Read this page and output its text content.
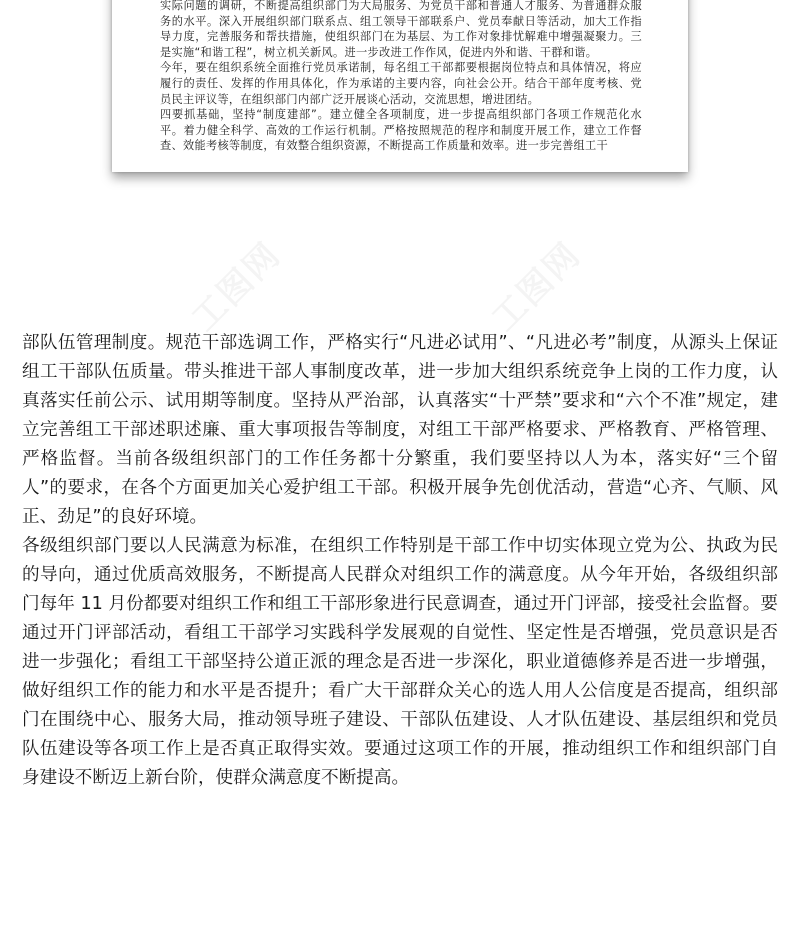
实际问题的调研，不断提高组织部门为大局服务、为党员干部和普通人才服务、为普通群众服务的水平。深入开展组织部门联系点、组工领导干部联系户、党员奉献日等活动，加大工作指导力度，完善服务和帮扶措施，使组织部门在为基层、为工作对象排忧解难中增强凝聚力。三是实施“和谐工程”，树立机关新风。进一步改进工作作风，促进内外和谐、干群和谐。

今年，要在组织系统全面推行党员承诺制，每名组工干部都要根据岗位特点和具体情况，将应履行的责任、发挥的作用具体化，作为承诺的主要内容，向社会公开。结合干部年度考核、党员民主评议等，在组织部门内部广泛开展谈心活动，交流思想，增进团结。

四要抓基础，坚持“制度建部”。建立健全各项制度，进一步提高组织部门各项工作规范化水平。着力健全科学、高效的工作运行机制。严格按照规范的程序和制度开展工作，建立工作督查、效能考核等制度，有效整合组织资源，不断提高工作质量和效率。进一步完善组工干

部队伍管理制度。规范干部选调工作，严格实行“凡进必试用”、“凡进必考”制度，从源头上保证组工干部队伍质量。带头推进干部人事制度改革，进一步加大组织系统竞争上岗的工作力度，认真落实任前公示、试用期等制度。坚持从严治部，认真落实“十严禁”要求和“六个不准”规定，建立完善组工干部述职述廉、重大事项报告等制度，对组工干部严格要求、严格教育、严格管理、严格监督。当前各级组织部门的工作任务都十分繁重，我们要坚持以人为本，落实好“三个留人”的要求，在各个方面更加关心爱护组工干部。积极开展争先创优活动，营造“心齐、气顺、风正、劲足”的良好环境。

各级组织部门要以人民满意为标准，在组织工作特别是干部工作中切实体现立党为公、执政为民的导向，通过优质高效服务，不断提高人民群众对组织工作的满意度。从今年开始，各级组织部门每年 11 月份都要对组织工作和组工干部形象进行民意调查，通过开门评部，接受社会监督。要通过开门评部活动，看组工干部学习实践科学发展观的自觉性、坚定性是否增强，党员意识是否进一步强化；看组工干部坚持公道正派的理念是否进一步深化，职业道德修养是否进一步增强，做好组织工作的能力和水平是否提升；看广大干部群众关心的选人用人公信度是否提高，组织部门在围绕中心、服务大局，推动领导班子建设、干部队伍建设、人才队伍建设、基层组织和党员队伍建设等各项工作上是否真正取得实效。要通过这项工作的开展，推动组织工作和组织部门自身建设不断迈上新台阶，使群众满意度不断提高。
